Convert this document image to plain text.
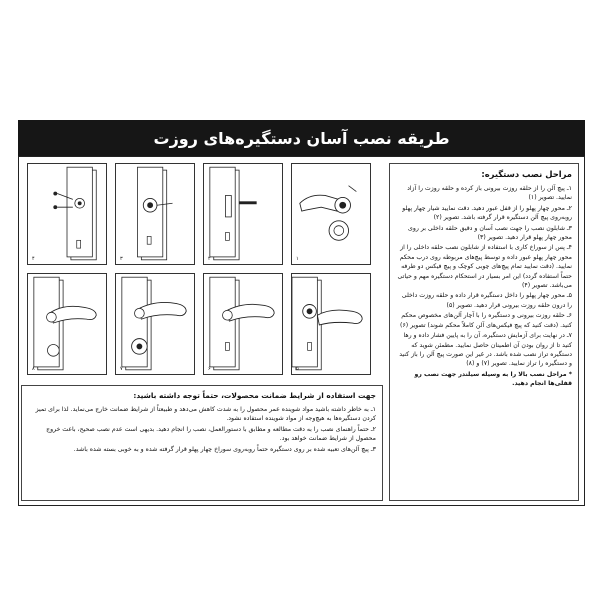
طریقه نصب آسان دستگیره‌های روزت
۴	۳	۲	۱
۸	۷	۶	۵
جهت استفاده از شرایط ضمانت محصولات، حتماً توجه داشته باشید:

۱ـ به خاطر داشته باشید مواد شوینده عمر محصول را به شدت کاهش می‌دهد و طبیعتاً از شرایط ضمانت خارج می‌نماید. لذا برای تمیز کردن دستگیره‌ها به هیچ‌وجه از مواد شوینده استفاده نشود.

۲ـ حتماً راهنمای نصب را به دقت مطالعه و مطابق با دستورالعمل، نصب را انجام دهید. بدیهی است عدم نصب صحیح، باعث خروج محصول از شرایط ضمانت خواهد بود.

۳ـ پیچ آلن‌های تعبیه شده بر روی دستگیره حتماً رو‌به‌روی سوراخ چهار پهلو قرار گرفته شده و به خوبی بسته شده باشد.

مراحل نصب دستگیره:
۱ـ پیچ آلن را از حلقه روزت بیرونی باز کرده و حلقه روزت را آزاد نمایید. تصویر (۱)
۲ـ محور چهار پهلو را از قفل عبور دهید. دقت نمایید شیار چهار پهلو رو‌به‌روی پیچ آلن دستگیره قرار گرفته باشد. تصویر (۲)
۳ـ شابلون نصب را جهت نصب آسان و دقیق حلقه داخلی بر روی محور چهار پهلو قرار دهید. تصویر (۳)
۴ـ پس از سوراخ کاری با استفاده از شابلون نصب حلقه داخلی را از محور چهار پهلو عبور داده و توسط پیچ‌های مربوطه روی درب محکم نمایید. (دقت نمایید تمام پیچ‌های چوبی کوچک و پیچ فیکس دو طرفه حتماً استفاده گردد) این امر بسیار در استحکام دستگیره مهم و حیاتی می‌باشد. تصویر (۴)
۵ـ محور چهار پهلو را داخل دستگیره قرار داده و حلقه روزت داخلی را درون حلقه روزت بیرونی قرار دهید. تصویر (۵)
۶ـ حلقه روزت بیرونی و دستگیره را با آچار آلن‌های مخصوص محکم کنید. (دقت کنید که پیچ فیکس‌های آلن کاملاً محکم شوند) تصویر (۶)
۷ـ در نهایت برای آزمایش دستگیره، آن را به پایین فشار داده و رها کنید تا از روان بودن آن اطمینان حاصل نمایید. مطمئن شوید که دستگیره تراز نصب شده باشد. در غیر این صورت پیچ آلن را باز کنید و دستگیره را تراز نمایید. تصویر (۷) و (۸)
* مراحل نصب بالا را به وسیله سیلندر جهت نصب رو قفلی‌ها انجام دهید.
